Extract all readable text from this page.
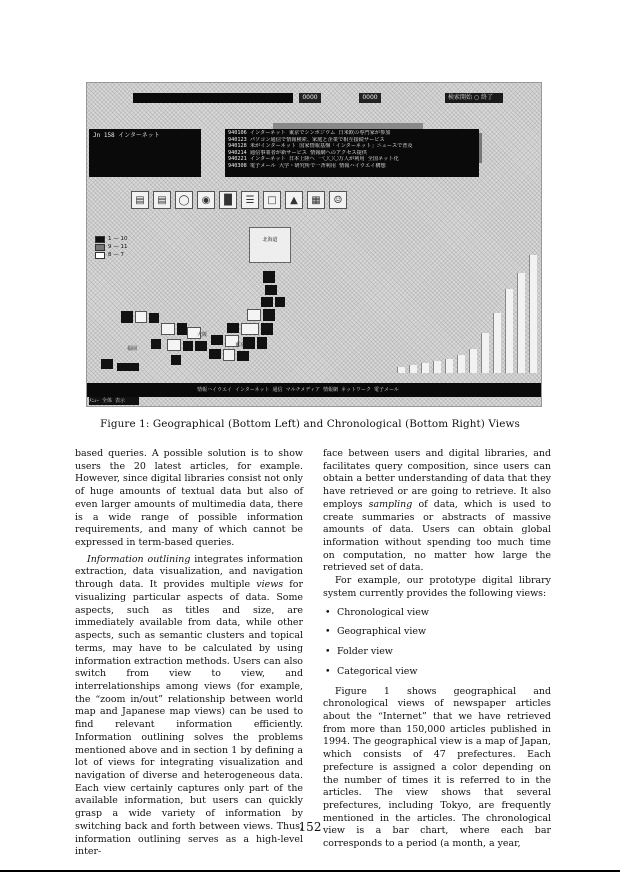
0000	0000	検索開始 ○ 終了
Jn 158 インターネット	940106 インターネット 東京でシンポジウム 日米欧の専門家が参加
940123 パソコン通信で情報検索、家庭と企業で相互接続サービス
940128 米がインターネット 国家情報基盤「インターネット」ニュースで普及
940214 通信事業者が新サービス 情報網へのアクセス提供
940221 インターネット 日本上陸へ 一〇〇〇万人が利用 全国ネット化
940308 電子メール 大学・研究所で一斉利用 情報ハイウエイ構想
▤	▤	◯	◉	█	☰	□	▲	▦	☺
1 — 10
9 — 11
8 — 7
北海道
大阪
東京
福岡
情報ハイウエイ インターネット 通信 マルチメディア 情報網 ネットワーク 電子メール
ﾒﾆｭｰ 全体 表示
Figure 1: Geographical (Bottom Left) and Chronological (Bottom Right) Views

based queries. A possible solution is to show users the 20 latest articles, for example. However, since digital libraries consist not only of huge amounts of textual data but also of even larger amounts of multimedia data, there is a wide range of possible information requirements, and many of which cannot be expressed in term-based queries.

Information outlining integrates information extraction, data visualization, and navigation through data. It provides multiple views for visualizing particular aspects of data. Some aspects, such as titles and size, are immediately available from data, while other aspects, such as semantic clusters and topical terms, may have to be calculated by using information extraction methods. Users can also switch from view to view, and interrelationships among views (for example, the “zoom in/out” relationship between world map and Japanese map views) can be used to find relevant information efficiently. Information outlining solves the problems mentioned above and in section 1 by defining a lot of views for integrating visualization and navigation of diverse and heterogeneous data. Each view certainly captures only part of the available information, but users can quickly grasp a wide variety of information by switching back and forth between views. Thus, information outlining serves as a high-level inter-

face between users and digital libraries, and facilitates query composition, since users can obtain a better understanding of data that they have retrieved or are going to retrieve. It also employs sampling of data, which is used to create summaries or abstracts of massive amounts of data. Users can obtain global information without spending too much time on computation, no matter how large the retrieved set of data.

For example, our prototype digital library system currently provides the following views:

• Chronological view
• Geographical view
• Folder view
• Categorical view

Figure 1 shows geographical and chronological views of newspaper articles about the “Internet” that we have retrieved from more than 150,000 articles published in 1994. The geographical view is a map of Japan, which consists of 47 prefectures. Each prefecture is assigned a color depending on the number of times it is referred to in the articles. The view shows that several prefectures, including Tokyo, are frequently mentioned in the articles. The chronological view is a bar chart, where each bar corresponds to a period (a month, a year,

152
